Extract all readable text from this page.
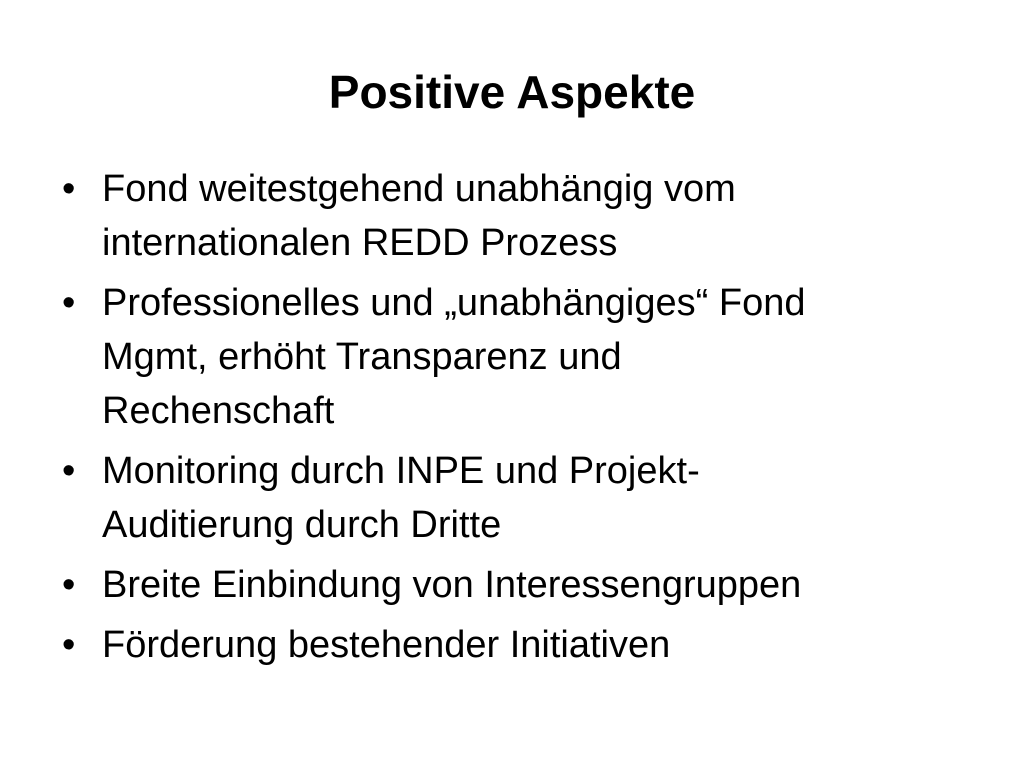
Positive Aspekte
• Fond weitestgehend unabhängig vom
internationalen REDD Prozess
• Professionelles und „unabhängiges“ Fond
Mgmt, erhöht Transparenz und
Rechenschaft
• Monitoring durch INPE und Projekt-
Auditierung durch Dritte
• Breite Einbindung von Interessengruppen
• Förderung bestehender Initiativen
